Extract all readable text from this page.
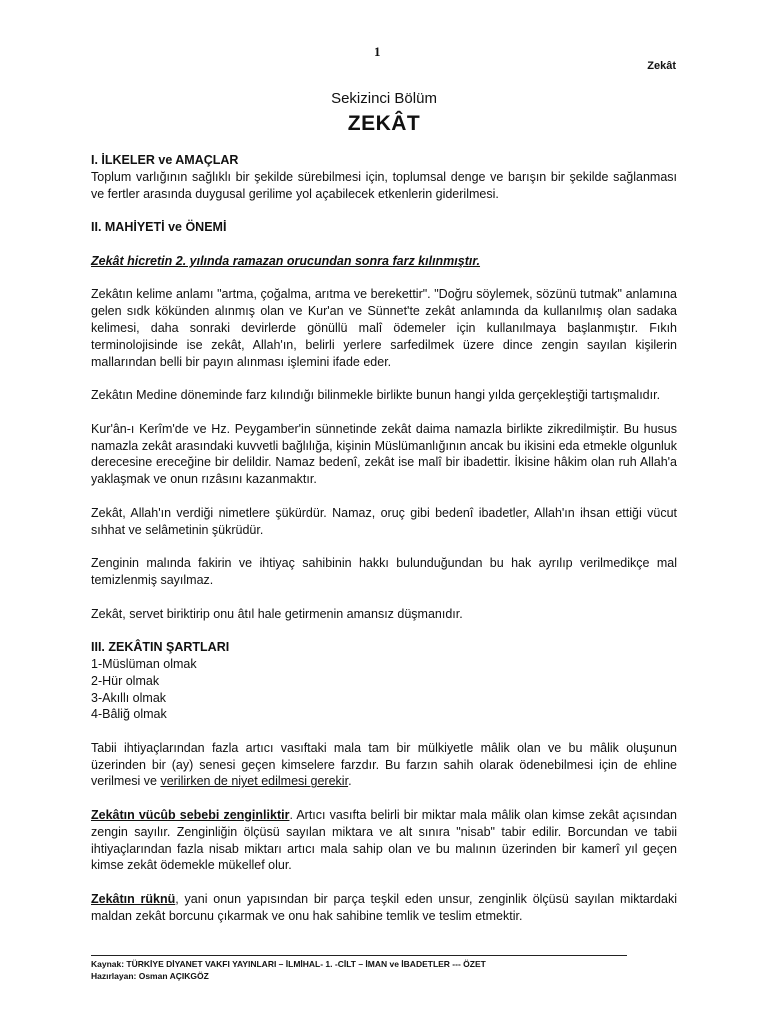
1
Zekât
Sekizinci Bölüm
ZEKÂT
I. İLKELER ve AMAÇLAR

Toplum varlığının sağlıklı bir şekilde sürebilmesi için, toplumsal denge ve barışın bir şekilde sağlanması ve fertler arasında duygusal gerilime yol açabilecek etkenlerin giderilmesi.

II. MAHİYETİ ve ÖNEMİ

Zekât hicretin 2. yılında ramazan orucundan sonra farz kılınmıştır.

Zekâtın kelime anlamı "artma, çoğalma, arıtma ve berekettir". "Doğru söylemek, sözünü tutmak" anlamına gelen sıdk kökünden alınmış olan ve Kur'an ve Sünnet'te zekât anlamında da kullanılmış olan sadaka kelimesi, daha sonraki devirlerde gönüllü malî ödemeler için kullanılmaya başlanmıştır. Fıkıh terminolojisinde ise zekât, Allah'ın, belirli yerlere sarfedilmek üzere dince zengin sayılan kişilerin mallarından belli bir payın alınması işlemini ifade eder.

Zekâtın Medine döneminde farz kılındığı bilinmekle birlikte bunun hangi yılda gerçekleştiği tartışmalıdır.

Kur'ân-ı Kerîm'de ve Hz. Peygamber'in sünnetinde zekât daima namazla birlikte zikredilmiştir. Bu husus namazla zekât arasındaki kuvvetli bağlılığa, kişinin Müslümanlığının ancak bu ikisini eda etmekle olgunluk derecesine ereceğine bir delildir. Namaz bedenî, zekât ise malî bir ibadettir. İkisine hâkim olan ruh Allah'a yaklaşmak ve onun rızâsını kazanmaktır.

Zekât, Allah'ın verdiği nimetlere şükürdür. Namaz, oruç gibi bedenî ibadetler, Allah'ın ihsan ettiği vücut sıhhat ve selâmetinin şükrüdür.

Zenginin malında fakirin ve ihtiyaç sahibinin hakkı bulunduğundan bu hak ayrılıp verilmedikçe mal temizlenmiş sayılmaz.

Zekât, servet biriktirip onu âtıl hale getirmenin amansız düşmanıdır.

III. ZEKÂTIN ŞARTLARI
1-Müslüman olmak
2-Hür olmak
3-Akıllı olmak
4-Bâliğ olmak

Tabii ihtiyaçlarından fazla artıcı vasıftaki mala tam bir mülkiyetle mâlik olan ve bu mâlik oluşunun üzerinden bir (ay) senesi geçen kimselere farzdır. Bu farzın sahih olarak ödenebilmesi için de ehline verilmesi ve verilirken de niyet edilmesi gerekir.

Zekâtın vücûb sebebi zenginliktir. Artıcı vasıfta belirli bir miktar mala mâlik olan kimse zekât açısından zengin sayılır. Zenginliğin ölçüsü sayılan miktara ve alt sınıra "nisab" tabir edilir. Borcundan ve tabii ihtiyaçlarından fazla nisab miktarı artıcı mala sahip olan ve bu malının üzerinden bir kamerî yıl geçen kimse zekât ödemekle mükellef olur.

Zekâtın rüknü, yani onun yapısından bir parça teşkil eden unsur, zenginlik ölçüsü sayılan miktardaki maldan zekât borcunu çıkarmak ve onu hak sahibine temlik ve teslim etmektir.

Kaynak: TÜRKİYE DİYANET VAKFI YAYINLARI – İLMİHAL- 1. -CİLT – İMAN ve İBADETLER --- ÖZET
Hazırlayan: Osman AÇIKGÖZ
